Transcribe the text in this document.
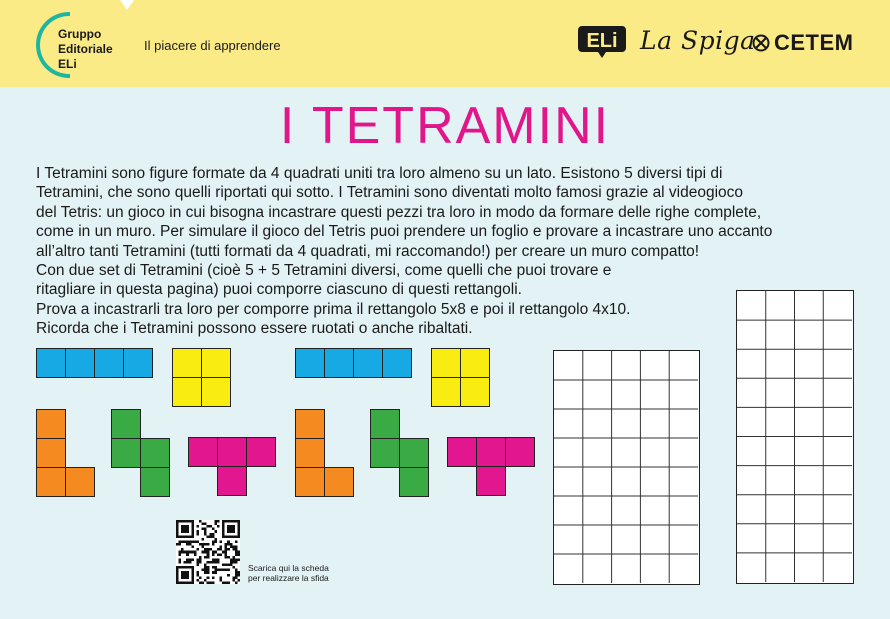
Gruppo
Editoriale
ELi
Il piacere di apprendere	ELi La Spiga CETEM
I TETRAMINI

I Tetramini sono figure formate da 4 quadrati uniti tra loro almeno su un lato. Esistono 5 diversi tipi di

Tetramini, che sono quelli riportati qui sotto. I Tetramini sono diventati molto famosi grazie al videogioco

del Tetris: un gioco in cui bisogna incastrare questi pezzi tra loro in modo da formare delle righe complete,

come in un muro. Per simulare il gioco del Tetris puoi prendere un foglio e provare a incastrare uno accanto

all’altro tanti Tetramini (tutti formati da 4 quadrati, mi raccomando!) per creare un muro compatto!

Con due set di Tetramini (cioè 5 + 5 Tetramini diversi, come quelli che puoi trovare e

ritagliare in questa pagina) puoi comporre ciascuno di questi rettangoli.

Prova a incastrarli tra loro per comporre prima il rettangolo 5x8 e poi il rettangolo 4x10.

Ricorda che i Tetramini possono essere ruotati o anche ribaltati.

Scarica qui la scheda
per realizzare la sfida
